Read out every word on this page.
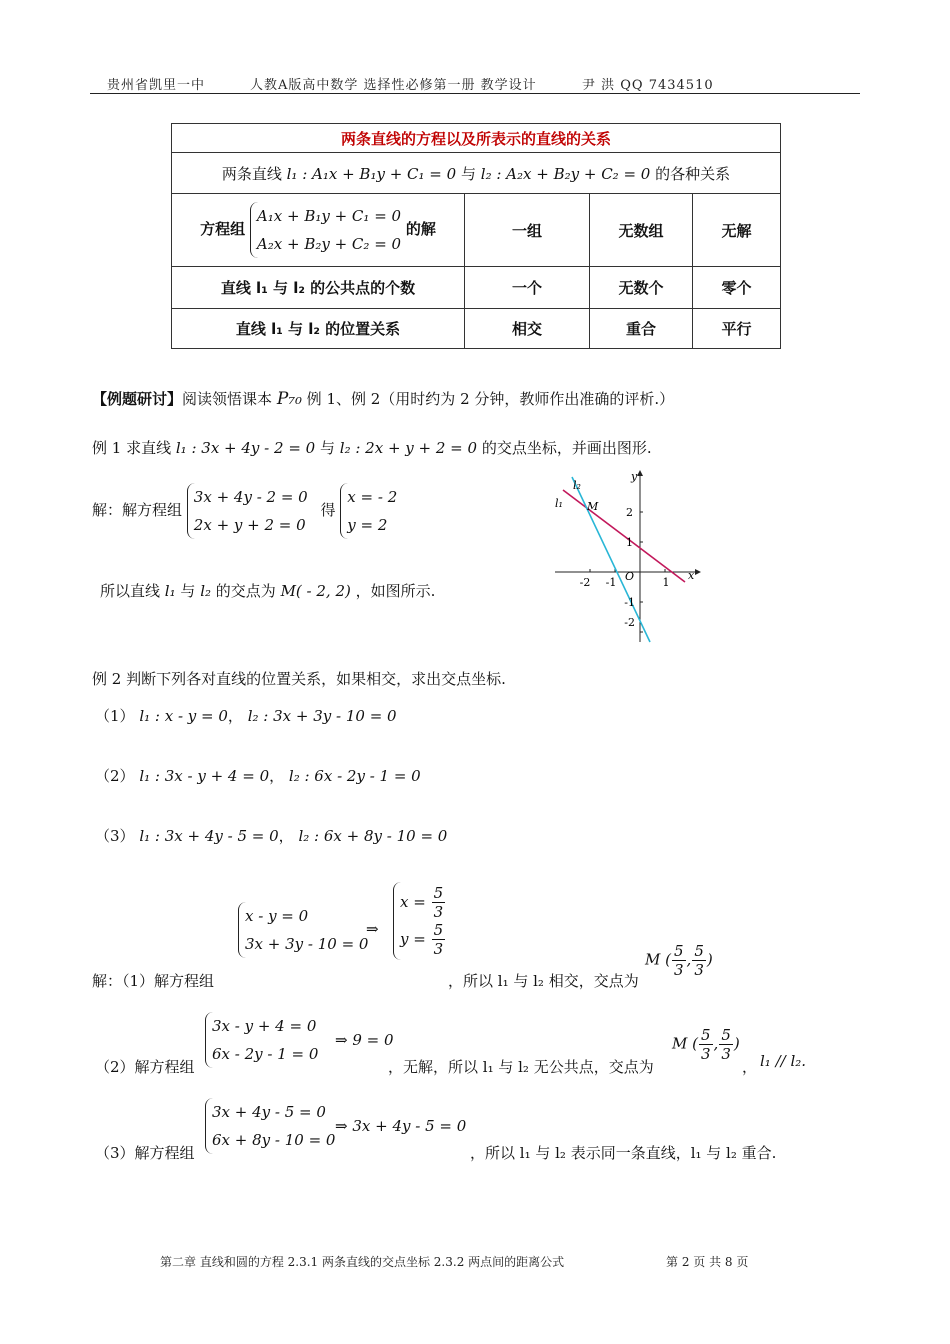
贵州省凯里一中	人教A版高中数学 选择性必修第一册 教学设计	尹 洪 QQ 7434510
两条直线的方程以及所表示的直线的关系			
两条直线 l₁ : A₁x + B₁y + C₁ = 0 与 l₂ : A₂x + B₂y + C₂ = 0 的各种关系			
方程组 A₁x + B₁y + C₁ = 0
A₂x + B₂y + C₂ = 0 的解	一组	无数组	无解
直线 l₁ 与 l₂ 的公共点的个数	一个	无数个	零个
直线 l₁ 与 l₂ 的位置关系	相交	重合	平行
【例题研讨】阅读领悟课本 P₇₀ 例 1、例 2（用时约为 2 分钟，教师作出准确的评析.）
例 1 求直线 l₁ : 3x + 4y - 2 = 0 与 l₂ : 2x + y + 2 = 0 的交点坐标，并画出图形.
解：解方程组 3x + 4y - 2 = 0
2x + y + 2 = 0 得 x = - 2
y = 2
所以直线 l₁ 与 l₂ 的交点为 M( - 2, 2) ，如图所示.	-2 -1	1
2
1
-1
-2
O	x
y
M
l₁
l₂
例 2 判断下列各对直线的位置关系，如果相交，求出交点坐标.
（1） l₁ : x - y = 0， l₂ : 3x + 3y - 10 = 0
（2） l₁ : 3x - y + 4 = 0， l₂ : 6x - 2y - 1 = 0
（3） l₁ : 3x + 4y - 5 = 0， l₂ : 6x + 8y - 10 = 0
解：（1）解方程组
x - y = 0
3x + 3y - 10 = 0
⇒
$x = \frac{5}{3}$

$y = \frac{5}{3}$
，所以 l₁ 与 l₂ 相交，交点为
M ( $\frac{5}{3}$ , $\frac{5}{3}$ )
（2）解方程组
3x - y + 4 = 0
6x - 2y - 1 = 0
⇒ 9 = 0
，无解，所以 l₁ 与 l₂ 无公共点，交点为
M ( $\frac{5}{3}$ , $\frac{5}{3}$ )
， l₁ // l₂.
（3）解方程组
3x + 4y - 5 = 0
6x + 8y - 10 = 0
⇒ 3x + 4y - 5 = 0
，所以 l₁ 与 l₂ 表示同一条直线，l₁ 与 l₂ 重合.
第二章 直线和圆的方程 2.3.1 两条直线的交点坐标 2.3.2 两点间的距离公式	第 2 页 共 8 页
